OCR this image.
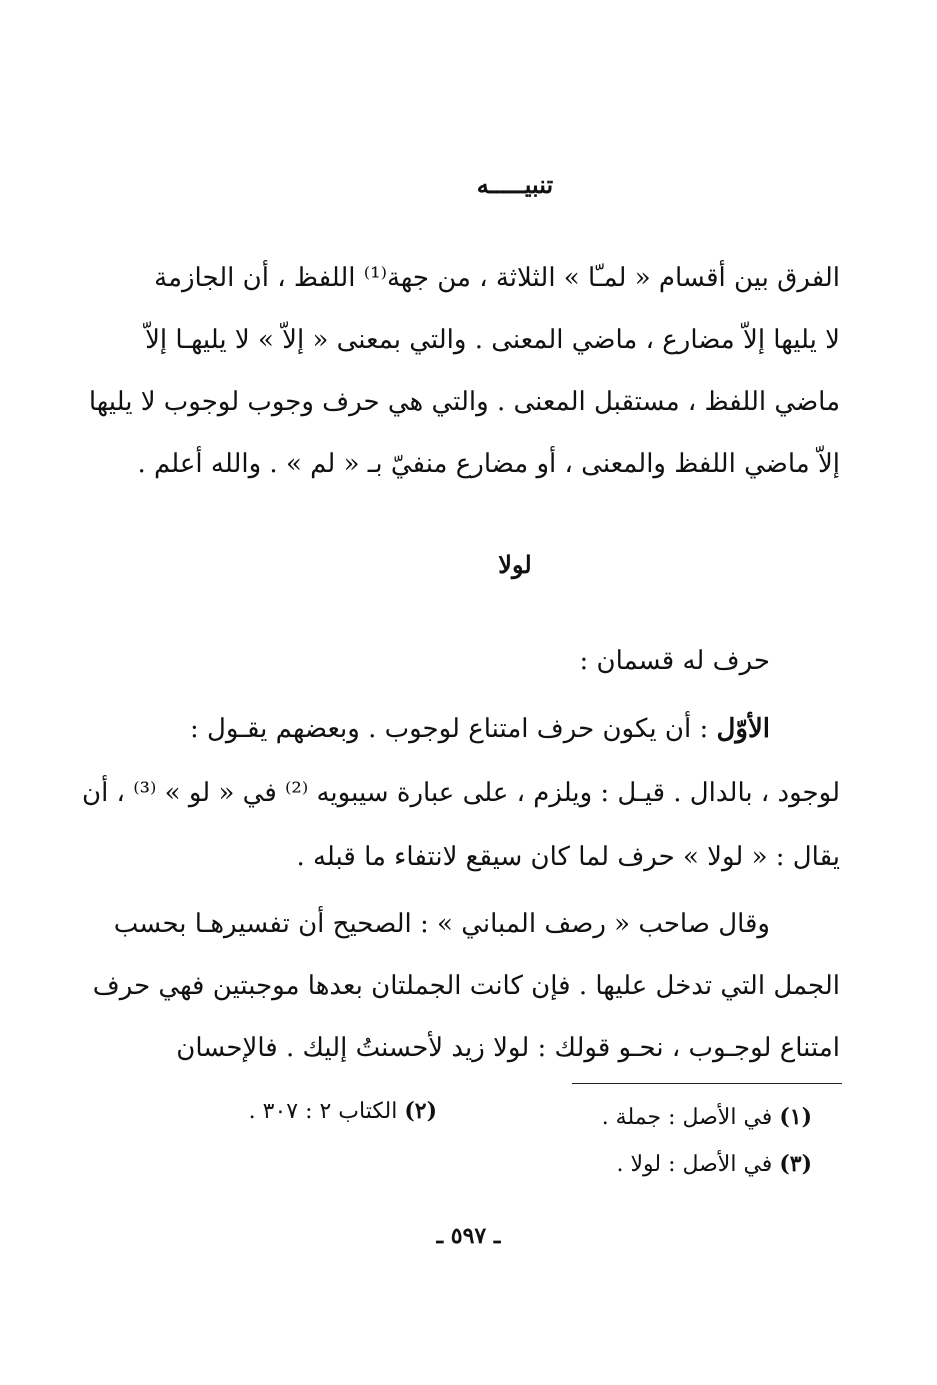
تنبيـــــه
الفرق بين أقسام « لمـّا » الثلاثة ، من جهة⁽¹⁾ اللفظ ، أن الجازمة
لا يليها إلاّ مضارع ، ماضي المعنى . والتي بمعنى « إلاّ » لا يليهـا إلاّ
ماضي اللفظ ، مستقبل المعنى . والتي هي حرف وجوب لوجوب لا يليها
إلاّ ماضي اللفظ والمعنى ، أو مضارع منفيّ بـ « لم » . والله أعلم .
لولا
حرف له قسمان :
الأوّل : أن يكون حرف امتناع لوجوب . وبعضهم يقـول :
لوجود ، بالدال . قيـل : ويلزم ، على عبارة سيبويه ⁽²⁾ في « لو » ⁽³⁾ ، أن
يقال : « لولا » حرف لما كان سيقع لانتفاء ما قبله .
وقال صاحب « رصف المباني » : الصحيح أن تفسيرهـا بحسب
الجمل التي تدخل عليها . فإن كانت الجملتان بعدها موجبتين فهي حرف
امتناع لوجـوب ، نحـو قولك : لولا زيد لأحسنتُ إليك . فالإحسان
(١) في الأصل : جملة .
(٢) الكتاب ٢ : ٣٠٧ .
(٣) في الأصل : لولا .
ـ ٥٩٧ ـ
